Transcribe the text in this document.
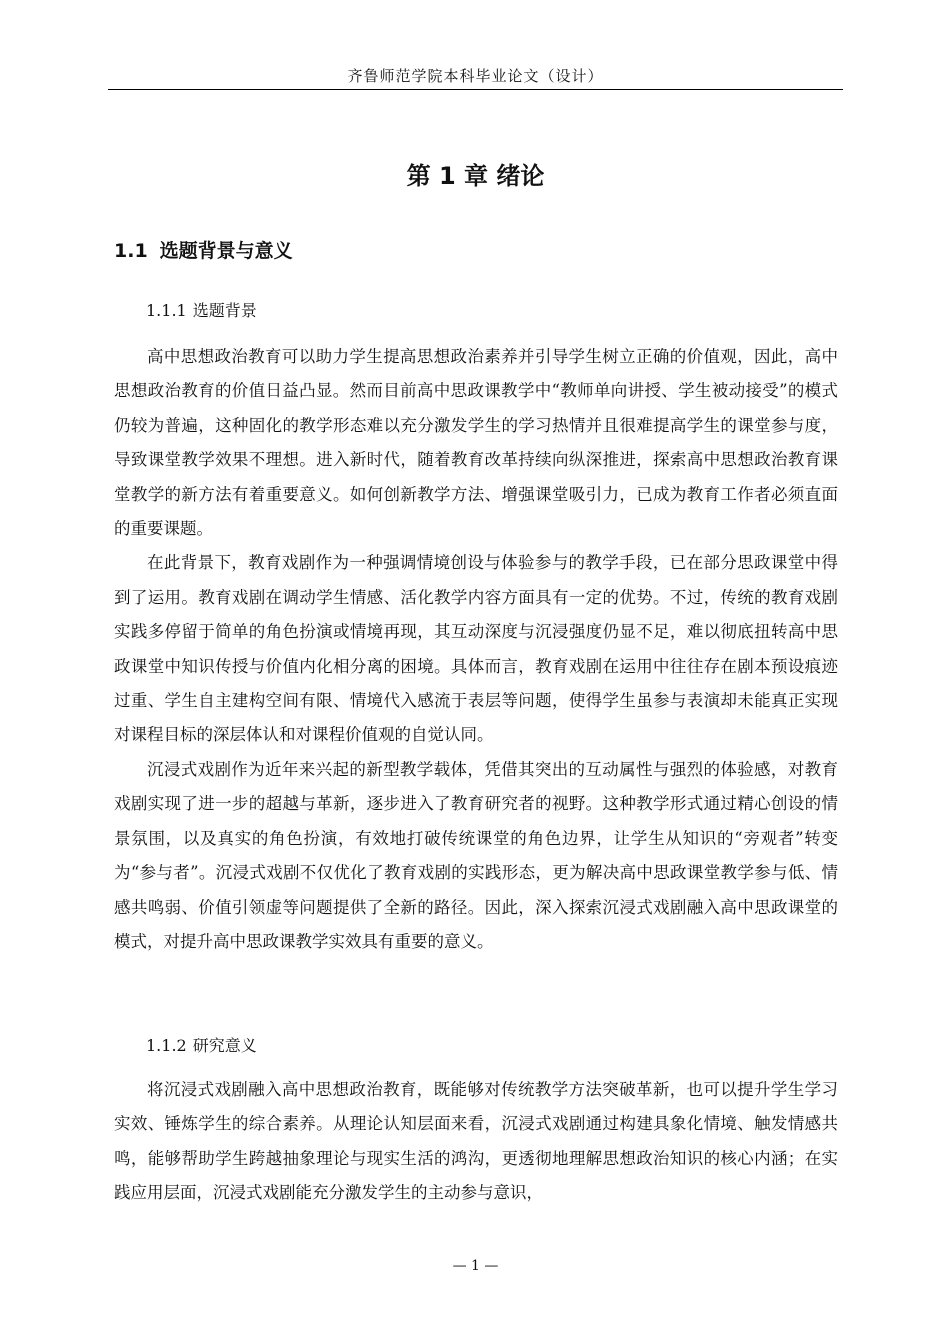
齐鲁师范学院本科毕业论文（设计）
第 1 章 绪论
1.1 选题背景与意义
1.1.1 选题背景

高中思想政治教育可以助力学生提高思想政治素养并引导学生树立正确的价值观，因此，高中思想政治教育的价值日益凸显。然而目前高中思政课教学中“教师单向讲授、学生被动接受”的模式仍较为普遍，这种固化的教学形态难以充分激发学生的学习热情并且很难提高学生的课堂参与度，导致课堂教学效果不理想。进入新时代，随着教育改革持续向纵深推进，探索高中思想政治教育课堂教学的新方法有着重要意义。如何创新教学方法、增强课堂吸引力，已成为教育工作者必须直面的重要课题。

在此背景下，教育戏剧作为一种强调情境创设与体验参与的教学手段，已在部分思政课堂中得到了运用。教育戏剧在调动学生情感、活化教学内容方面具有一定的优势。不过，传统的教育戏剧实践多停留于简单的角色扮演或情境再现，其互动深度与沉浸强度仍显不足，难以彻底扭转高中思政课堂中知识传授与价值内化相分离的困境。具体而言，教育戏剧在运用中往往存在剧本预设痕迹过重、学生自主建构空间有限、情境代入感流于表层等问题，使得学生虽参与表演却未能真正实现对课程目标的深层体认和对课程价值观的自觉认同。

沉浸式戏剧作为近年来兴起的新型教学载体，凭借其突出的互动属性与强烈的体验感，对教育戏剧实现了进一步的超越与革新，逐步进入了教育研究者的视野。这种教学形式通过精心创设的情景氛围，以及真实的角色扮演，有效地打破传统课堂的角色边界，让学生从知识的“旁观者”转变为“参与者”。沉浸式戏剧不仅优化了教育戏剧的实践形态，更为解决高中思政课堂教学参与低、情感共鸣弱、价值引领虚等问题提供了全新的路径。因此，深入探索沉浸式戏剧融入高中思政课堂的模式，对提升高中思政课教学实效具有重要的意义。

1.1.2 研究意义

将沉浸式戏剧融入高中思想政治教育，既能够对传统教学方法突破革新，也可以提升学生学习实效、锤炼学生的综合素养。从理论认知层面来看，沉浸式戏剧通过构建具象化情境、触发情感共鸣，能够帮助学生跨越抽象理论与现实生活的鸿沟，更透彻地理解思想政治知识的核心内涵；在实践应用层面，沉浸式戏剧能充分激发学生的主动参与意识，

— 1 —
